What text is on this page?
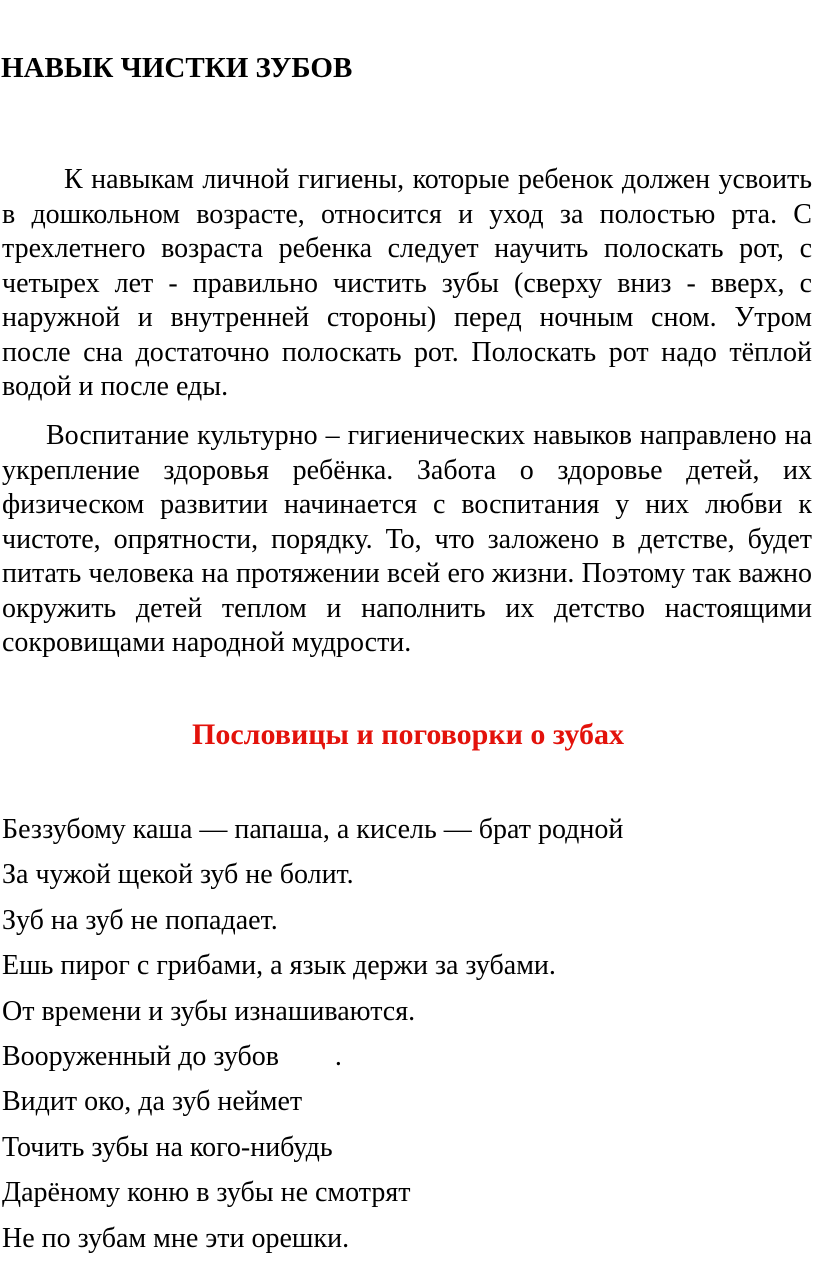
НАВЫК ЧИСТКИ ЗУБОВ

К навыкам личной гигиены, которые ребенок должен усвоить в дошкольном возрасте, относится и уход за полостью рта. С трехлетнего возраста ребенка следует научить полоскать рот, с четырех лет - правильно чистить зубы (сверху вниз - вверх, с наружной и внутренней стороны) перед ночным сном. Утром после сна достаточно полоскать рот. Полоскать рот надо тёплой водой и после еды.

Воспитание культурно – гигиенических навыков направлено на укрепление здоровья ребёнка. Забота о здоровье детей, их физическом развитии начинается с воспитания у них любви к чистоте, опрятности, порядку. То, что заложено в детстве, будет питать человека на протяжении всей его жизни. Поэтому так важно окружить детей теплом и наполнить их детство настоящими сокровищами народной мудрости.

Пословицы и поговорки о зубах
Беззубому каша — папаша, а кисель — брат родной
За чужой щекой зуб не болит.
Зуб на зуб не попадает.
Ешь пирог с грибами, а язык держи за зубами.
От времени и зубы изнашиваются.
Вооруженный до зубов        .
Видит око, да зуб неймет
Точить зубы на кого-нибудь
Дарёному коню в зубы не смотрят
Не по зубам мне эти орешки.
